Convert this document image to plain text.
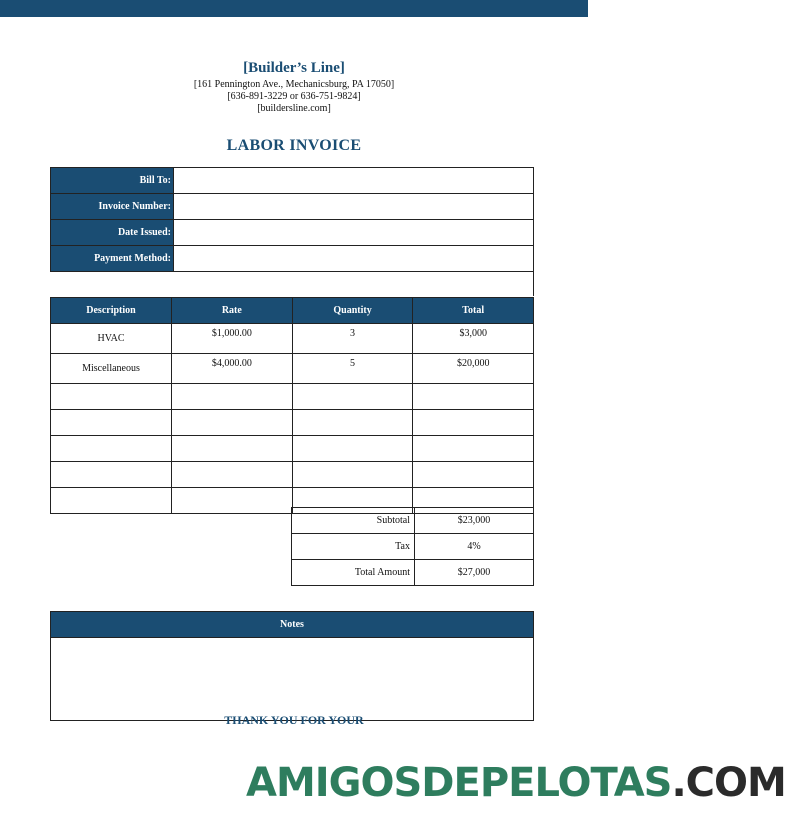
[Builder’s Line]
[161 Pennington Ave., Mechanicsburg, PA 17050]
[636-891-3229 or 636-751-9824]
[buildersline.com]
LABOR INVOICE
Bill To:	
Invoice Number:	
Date Issued:	
Payment Method:	

Description	Rate	Quantity	Total
HVAC	$1,000.00	3	$3,000
Miscellaneous	$4,000.00	5	$20,000

Subtotal	$23,000
Tax	4%
Total Amount	$27,000
Notes
THANK YOU FOR YOUR
AMIGOSDEPELOTAS.COM
